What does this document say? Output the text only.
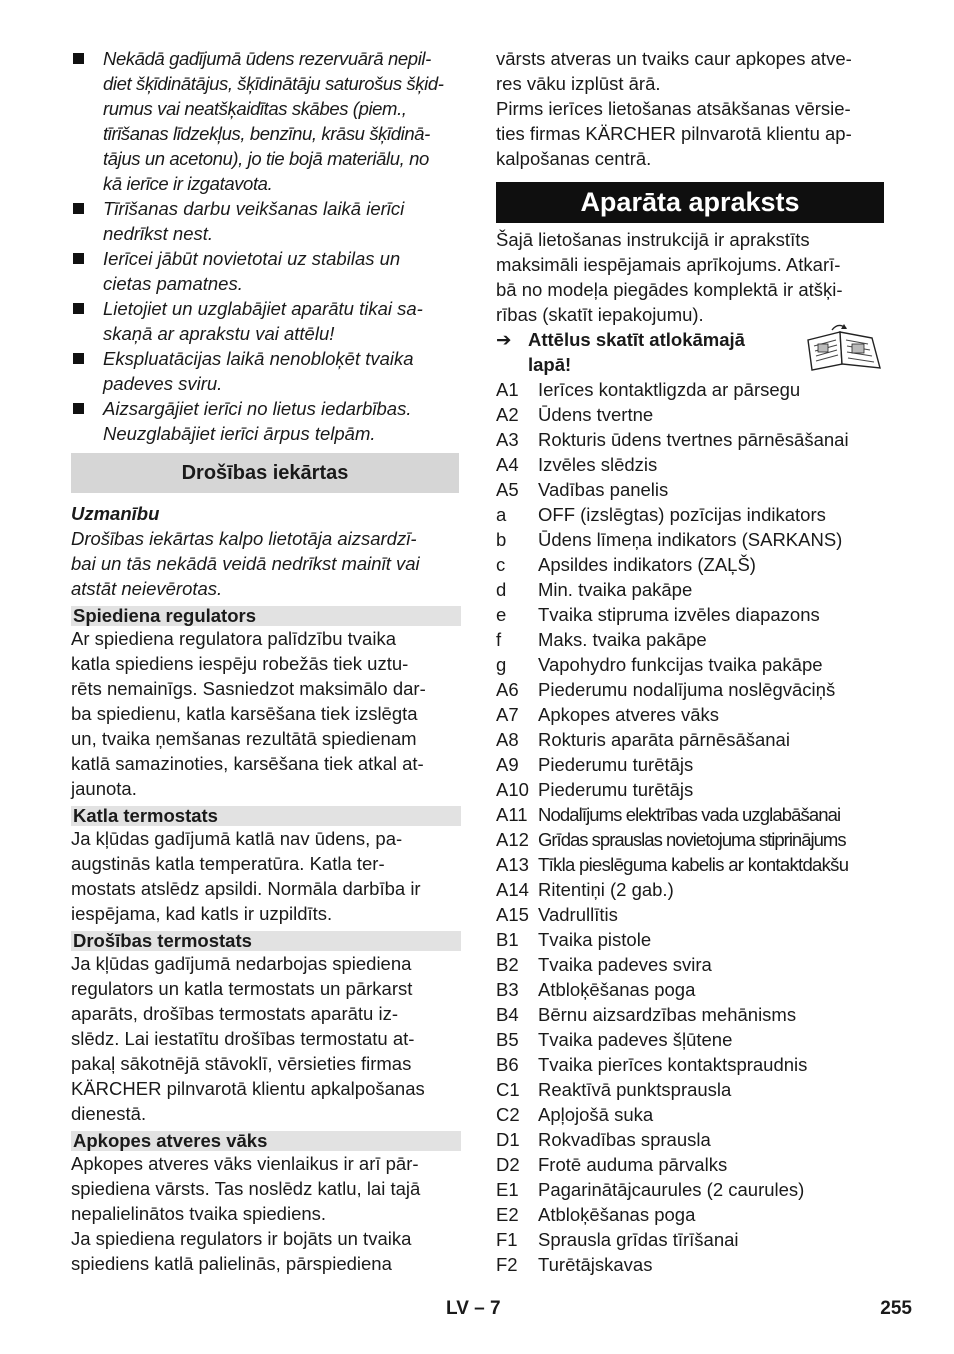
Nekādā gadījumā ūdens rezervuārā nepil-
diet šķīdinātājus, šķīdinātāju saturošus šķid-
rumus vai neatšķaidītas skābes (piem.,
tīrīšanas līdzekļus, benzīnu, krāsu šķīdinā-
tājus un acetonu), jo tie bojā materiālu, no
kā ierīce ir izgatavota.
Tīrīšanas darbu veikšanas laikā ierīci
nedrīkst nest.
Ierīcei jābūt novietotai uz stabilas un
cietas pamatnes.
Lietojiet un uzglabājiet aparātu tikai sa-
skaņā ar aprakstu vai attēlu!
Ekspluatācijas laikā nenobloķēt tvaika
padeves sviru.
Aizsargājiet ierīci no lietus iedarbības.
Neuzglabājiet ierīci ārpus telpām.
Drošības iekārtas

Uzmanību

Drošības iekārtas kalpo lietotāja aizsardzī-
bai un tās nekādā veidā nedrīkst mainīt vai
atstāt neievērotas.

Spiediena regulators

Ar spiediena regulatora palīdzību tvaika
katla spiediens iespēju robežās tiek uztu-
rēts nemainīgs. Sasniedzot maksimālo dar-
ba spiedienu, katla karsēšana tiek izslēgta
un, tvaika ņemšanas rezultātā spiedienam
katlā samazinoties, karsēšana tiek atkal at-
jaunota.

Katla termostats

Ja kļūdas gadījumā katlā nav ūdens, pa-
augstinās katla temperatūra. Katla ter-
mostats atslēdz apsildi. Normāla darbība ir
iespējama, kad katls ir uzpildīts.

Drošības termostats

Ja kļūdas gadījumā nedarbojas spiediena
regulators un katla termostats un pārkarst
aparāts, drošības termostats aparātu iz-
slēdz. Lai iestatītu drošības termostatu at-
pakaļ sākotnējā stāvoklī, vērsieties firmas
KÄRCHER pilnvarotā klientu apkalpošanas
dienestā.

Apkopes atveres vāks

Apkopes atveres vāks vienlaikus ir arī pār-
spiediena vārsts. Tas noslēdz katlu, lai tajā
nepalielinātos tvaika spiediens.

Ja spiediena regulators ir bojāts un tvaika
spiediens katlā palielinās, pārspiediena

vārsts atveras un tvaiks caur apkopes atve-
res vāku izplūst ārā.

Pirms ierīces lietošanas atsākšanas vērsie-
ties firmas KÄRCHER pilnvarotā klientu ap-
kalpošanas centrā.

Aparāta apraksts

Šajā lietošanas instrukcijā ir aprakstīts
maksimāli iespējamais aprīkojums. Atkarī-
bā no modeļa piegādes komplektā ir atšķi-
rības (skatīt iepakojumu).

➔ Attēlus skatīt atlokāmajā
lapā!
A1	Ierīces kontaktligzda ar pārsegu
A2	Ūdens tvertne
A3	Rokturis ūdens tvertnes pārnēsāšanai
A4	Izvēles slēdzis
A5	Vadības panelis
a	OFF (izslēgtas) pozīcijas indikators
b	Ūdens līmeņa indikators (SARKANS)
c	Apsildes indikators (ZAĻŠ)
d	Min. tvaika pakāpe
e	Tvaika stipruma izvēles diapazons
f	Maks. tvaika pakāpe
g	Vapohydro funkcijas tvaika pakāpe
A6	Piederumu nodalījuma noslēgvāciņš
A7	Apkopes atveres vāks
A8	Rokturis aparāta pārnēsāšanai
A9	Piederumu turētājs
A10 Piederumu turētājs
A11 Nodalījums elektrības vada uzglabāšanai
A12 Grīdas sprauslas novietojuma stiprinājums
A13 Tīkla pieslēguma kabelis ar kontaktdakšu
A14 Ritentiņi (2 gab.)
A15 Vadrullītis
B1	Tvaika pistole
B2	Tvaika padeves svira
B3	Atbloķēšanas poga
B4	Bērnu aizsardzības mehānisms
B5	Tvaika padeves šļūtene
B6	Tvaika pierīces kontaktspraudnis
C1 Reaktīvā punktsprausla
C2 Apļojošā suka
D1 Rokvadības sprausla
D2 Frotē auduma pārvalks
E1	Pagarinātājcaurules (2 caurules)
E2	Atbloķēšanas poga
F1	Sprausla grīdas tīrīšanai
F2	Turētājskavas
LV – 7	255
